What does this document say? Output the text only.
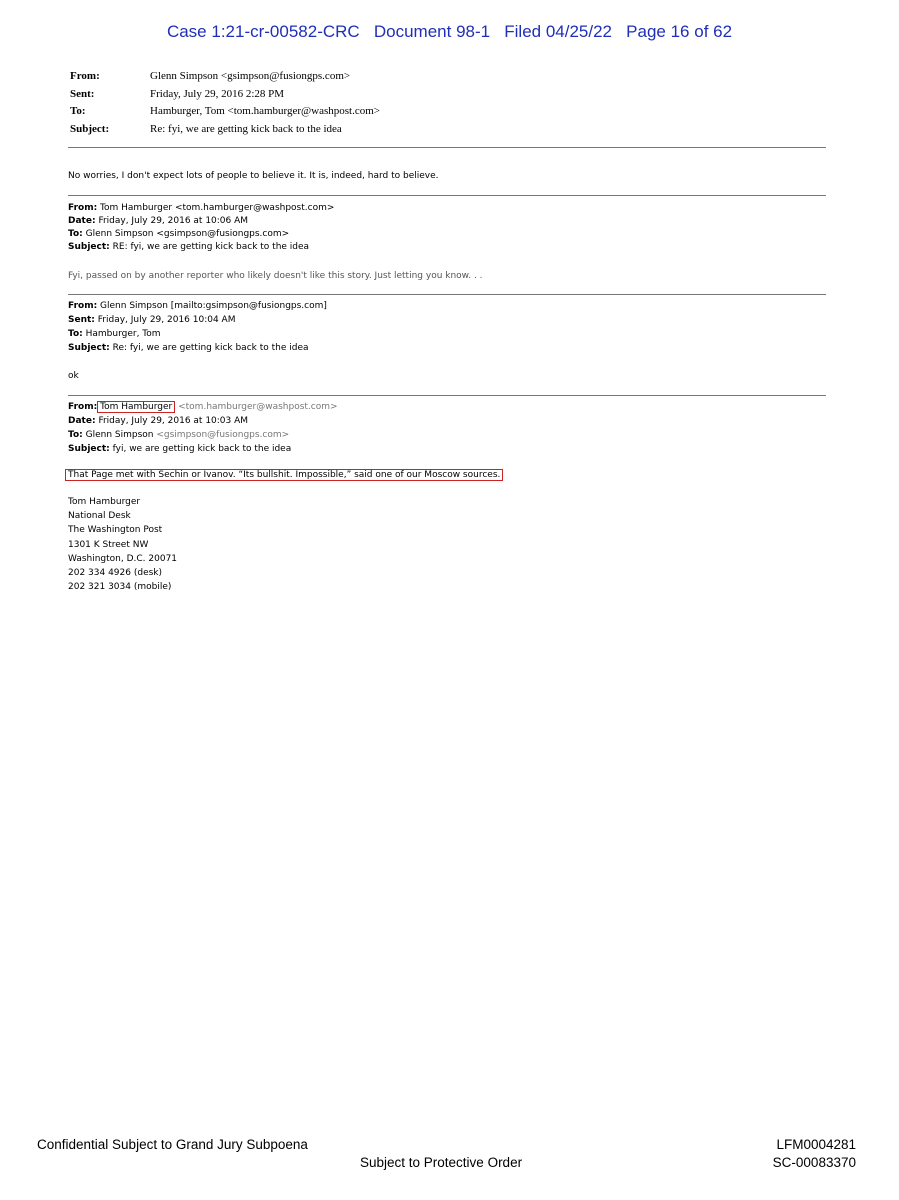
Case 1:21-cr-00582-CRC   Document 98-1   Filed 04/25/22   Page 16 of 62
From:	Glenn Simpson <gsimpson@fusiongps.com>
Sent:	Friday, July 29, 2016 2:28 PM
To:	Hamburger, Tom <tom.hamburger@washpost.com>
Subject:	Re: fyi, we are getting kick back to the idea
No worries, I don't expect lots of people to believe it. It is, indeed, hard to believe.
From: Tom Hamburger <tom.hamburger@washpost.com>
Date: Friday, July 29, 2016 at 10:06 AM
To: Glenn Simpson <gsimpson@fusiongps.com>
Subject: RE: fyi, we are getting kick back to the idea
Fyi, passed on by another reporter who likely doesn't like this story. Just letting you know. . .
From: Glenn Simpson [mailto:gsimpson@fusiongps.com]
Sent: Friday, July 29, 2016 10:04 AM
To: Hamburger, Tom
Subject: Re: fyi, we are getting kick back to the idea
ok
From: Tom Hamburger <tom.hamburger@washpost.com>
Date: Friday, July 29, 2016 at 10:03 AM
To: Glenn Simpson <gsimpson@fusiongps.com>
Subject: fyi, we are getting kick back to the idea
That Page met with Sechin or Ivanov. “Its bullshit. Impossible,” said one of our Moscow sources.
Tom Hamburger
National Desk
The Washington Post
1301 K Street NW
Washington, D.C. 20071
202 334 4926 (desk)
202 321 3034 (mobile)
Confidential Subject to Grand Jury Subpoena
Subject to Protective Order
LFM0004281
SC-00083370
